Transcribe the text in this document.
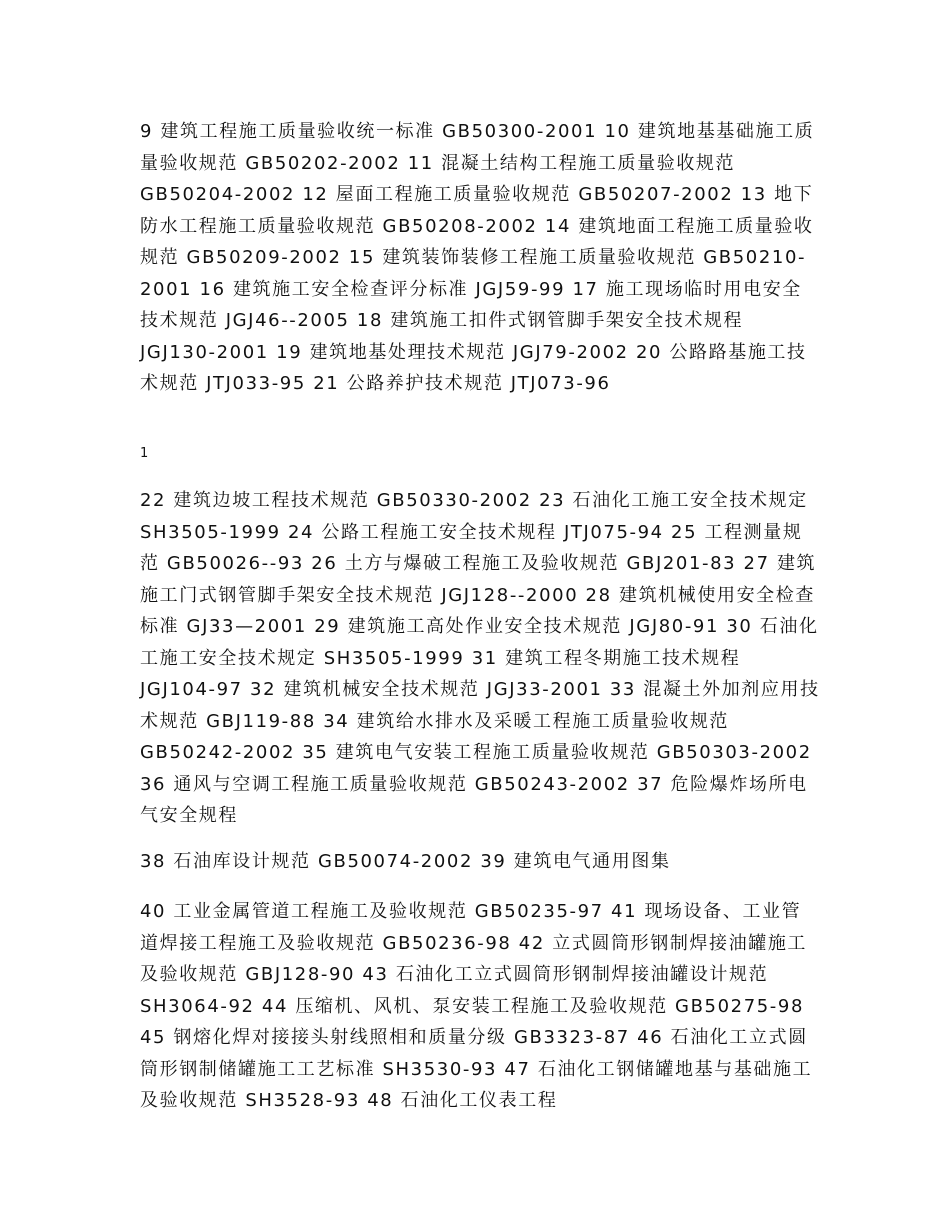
9 建筑工程施工质量验收统一标准 GB50300-2001 10 建筑地基基础施工质量验收规范 GB50202-2002 11 混凝土结构工程施工质量验收规范 GB50204-2002 12 屋面工程施工质量验收规范 GB50207-2002 13 地下防水工程施工质量验收规范 GB50208-2002 14 建筑地面工程施工质量验收规范 GB50209-2002 15 建筑装饰装修工程施工质量验收规范 GB50210-2001 16 建筑施工安全检查评分标准 JGJ59-99 17 施工现场临时用电安全技术规范 JGJ46--2005 18 建筑施工扣件式钢管脚手架安全技术规程 JGJ130-2001 19 建筑地基处理技术规范 JGJ79-2002 20 公路路基施工技术规范 JTJ033-95 21 公路养护技术规范 JTJ073-96

1

22 建筑边坡工程技术规范 GB50330-2002 23 石油化工施工安全技术规定 SH3505-1999 24 公路工程施工安全技术规程 JTJ075-94 25 工程测量规范 GB50026--93 26 土方与爆破工程施工及验收规范 GBJ201-83 27 建筑施工门式钢管脚手架安全技术规范 JGJ128--2000 28 建筑机械使用安全检查标准 GJ33—2001 29 建筑施工高处作业安全技术规范 JGJ80-91 30 石油化工施工安全技术规定 SH3505-1999 31 建筑工程冬期施工技术规程 JGJ104-97 32 建筑机械安全技术规范 JGJ33-2001 33 混凝土外加剂应用技术规范 GBJ119-88 34 建筑给水排水及采暖工程施工质量验收规范 GB50242-2002 35 建筑电气安装工程施工质量验收规范 GB50303-2002 36 通风与空调工程施工质量验收规范 GB50243-2002 37 危险爆炸场所电气安全规程

38 石油库设计规范 GB50074-2002 39 建筑电气通用图集

40 工业金属管道工程施工及验收规范 GB50235-97 41 现场设备、工业管道焊接工程施工及验收规范 GB50236-98 42 立式圆筒形钢制焊接油罐施工及验收规范 GBJ128-90 43 石油化工立式圆筒形钢制焊接油罐设计规范 SH3064-92 44 压缩机、风机、泵安装工程施工及验收规范 GB50275-98 45 钢熔化焊对接接头射线照相和质量分级 GB3323-87 46 石油化工立式圆筒形钢制储罐施工工艺标准 SH3530-93 47 石油化工钢储罐地基与基础施工及验收规范 SH3528-93 48 石油化工仪表工程
